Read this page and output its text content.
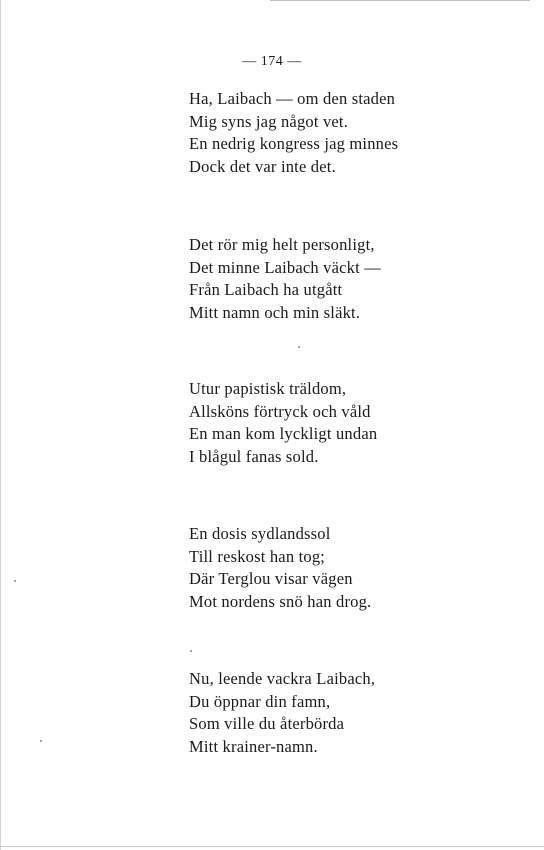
— 174 —
Ha, Laibach — om den staden
Mig syns jag något vet.
En nedrig kongress jag minnes
Dock det var inte det.
Det rör mig helt personligt,
Det minne Laibach väckt —
Från Laibach ha utgått
Mitt namn och min släkt.
Utur papistisk träldom,
Allsköns förtryck och våld
En man kom lyckligt undan
I blågul fanas sold.
En dosis sydlandssol
Till reskost han tog;
Där Terglou visar vägen
Mot nordens snö han drog.
Nu, leende vackra Laibach,
Du öppnar din famn,
Som ville du återbörda
Mitt krainer-namn.
